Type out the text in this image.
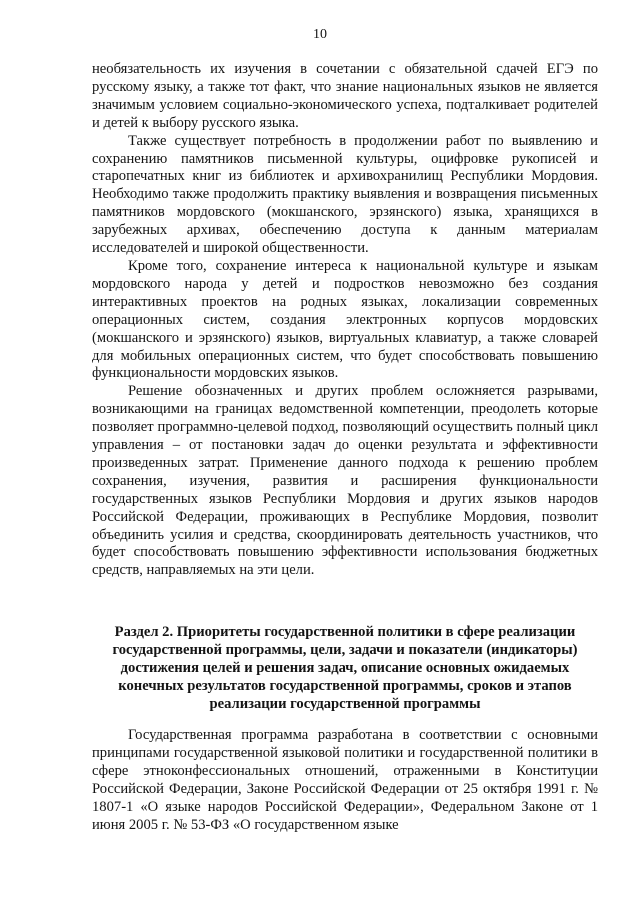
10

необязательность их изучения в сочетании с обязательной сдачей ЕГЭ по русскому языку, а также тот факт, что знание национальных языков не является значимым условием социально-экономического успеха, подталкивает родителей и детей к выбору русского языка.

Также существует потребность в продолжении работ по выявлению и сохранению памятников письменной культуры, оцифровке рукописей и старопечатных книг из библиотек и архивохранилищ Республики Мордовия. Необходимо также продолжить практику выявления и возвращения письменных памятников мордовского (мокшанского, эрзянского) языка, хранящихся в зарубежных архивах, обеспечению доступа к данным материалам исследователей и широкой общественности.

Кроме того, сохранение интереса к национальной культуре и языкам мордовского народа у детей и подростков невозможно без создания интерактивных проектов на родных языках, локализации современных операционных систем, создания электронных корпусов мордовских (мокшанского и эрзянского) языков, виртуальных клавиатур, а также словарей для мобильных операционных систем, что будет способствовать повышению функциональности мордовских языков.

Решение обозначенных и других проблем осложняется разрывами, возникающими на границах ведомственной компетенции, преодолеть которые позволяет программно-целевой подход, позволяющий осуществить полный цикл управления – от постановки задач до оценки результата и эффективности произведенных затрат. Применение данного подхода к решению проблем сохранения, изучения, развития и расширения функциональности государственных языков Республики Мордовия и других языков народов Российской Федерации, проживающих в Республике Мордовия, позволит объединить усилия и средства, скоординировать деятельность участников, что будет способствовать повышению эффективности использования бюджетных средств, направляемых на эти цели.

Раздел 2. Приоритеты государственной политики в сфере реализации государственной программы, цели, задачи и показатели (индикаторы) достижения целей и решения задач, описание основных ожидаемых конечных результатов государственной программы, сроков и этапов реализации государственной программы

Государственная программа разработана в соответствии с основными принципами государственной языковой политики и государственной политики в сфере этноконфессиональных отношений, отраженными в Конституции Российской Федерации, Законе Российской Федерации от 25 октября 1991 г. № 1807-1 «О языке народов Российской Федерации», Федеральном Законе от 1 июня 2005 г. № 53-ФЗ «О государственном языке
